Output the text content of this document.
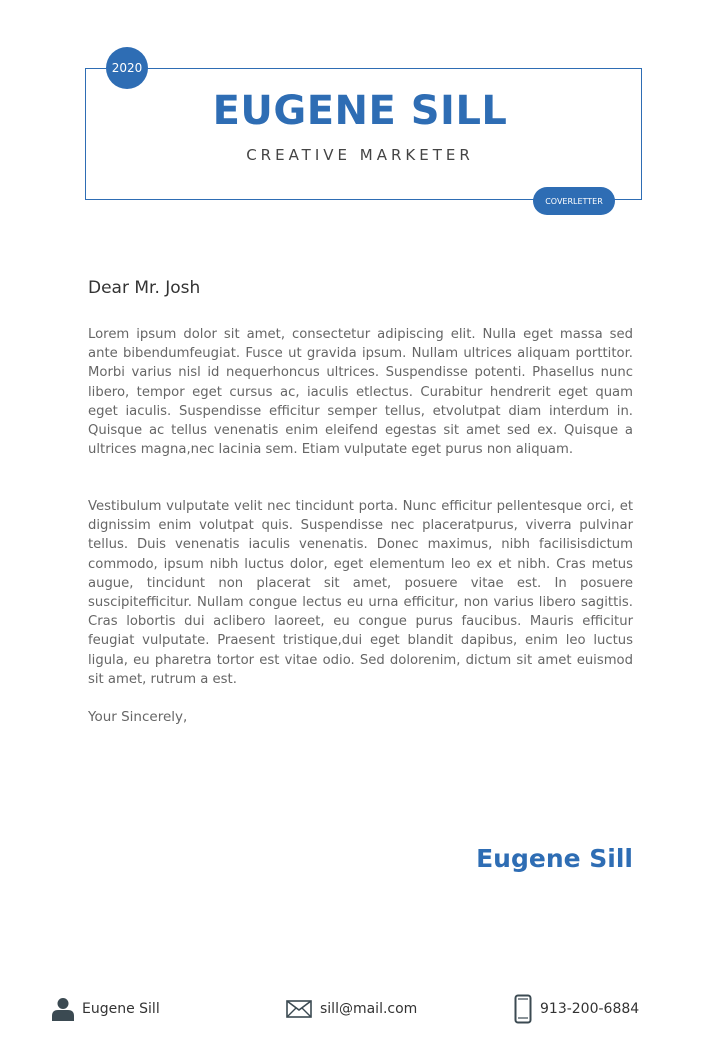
2020
EUGENE SILL
CREATIVE MARKETER
COVERLETTER
Dear Mr. Josh

Lorem ipsum dolor sit amet, consectetur adipiscing elit. Nulla eget massa sed ante bibendumfeugiat. Fusce ut gravida ipsum. Nullam ultrices aliquam porttitor. Morbi varius nisl id nequerhoncus ultrices. Suspendisse potenti. Phasellus nunc libero, tempor eget cursus ac, iaculis etlectus. Curabitur hendrerit eget quam eget iaculis. Suspendisse efficitur semper tellus, etvolutpat diam interdum in. Quisque ac tellus venenatis enim eleifend egestas sit amet sed ex. Quisque a ultrices magna,nec lacinia sem. Etiam vulputate eget purus non aliquam.

Vestibulum vulputate velit nec tincidunt porta. Nunc efficitur pellentesque orci, et dignissim enim volutpat quis. Suspendisse nec placeratpurus, viverra pulvinar tellus. Duis venenatis iaculis venenatis. Donec maximus, nibh facilisisdictum commodo, ipsum nibh luctus dolor, eget elementum leo ex et nibh. Cras metus augue, tincidunt non placerat sit amet, posuere vitae est. In posuere suscipitefficitur. Nullam congue lectus eu urna efficitur, non varius libero sagittis. Cras lobortis dui aclibero laoreet, eu congue purus faucibus. Mauris efficitur feugiat vulputate. Praesent tristique,dui eget blandit dapibus, enim leo luctus ligula, eu pharetra tortor est vitae odio. Sed dolorenim, dictum sit amet euismod sit amet, rutrum a est.

Your Sincerely,
Eugene Sill
Eugene Sill	sill@mail.com	913-200-6884
